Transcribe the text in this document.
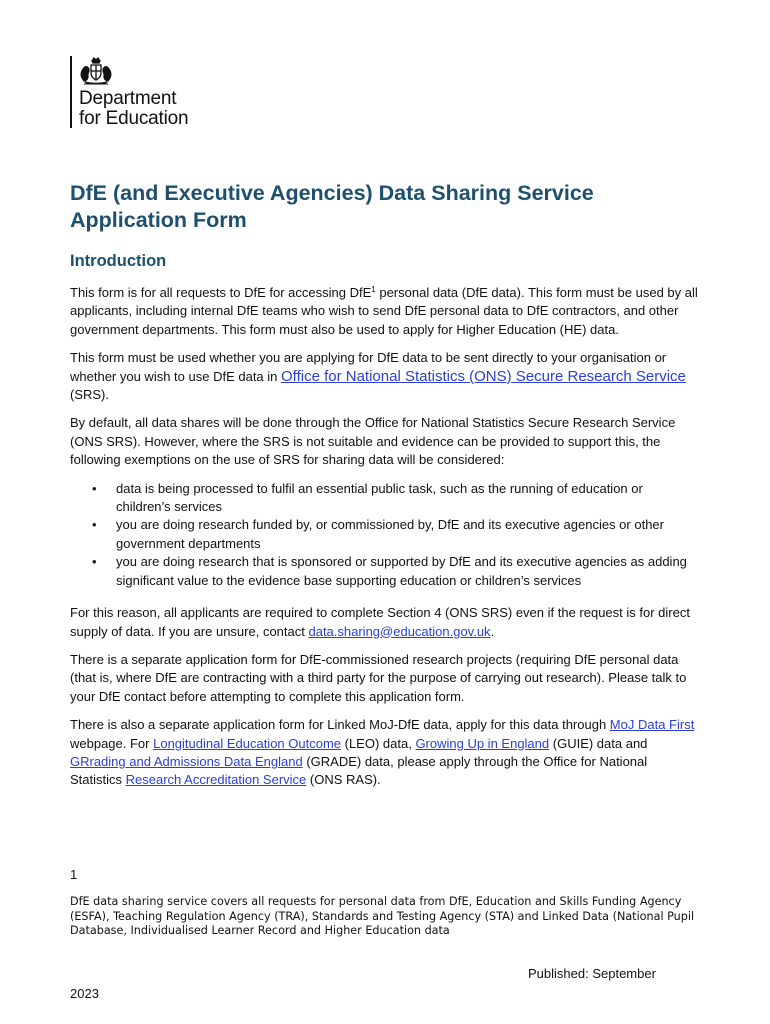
Department
for Education
DfE (and Executive Agencies) Data Sharing Service Application Form
Introduction

This form is for all requests to DfE for accessing DfE$^1$ personal data (DfE data). This form must be used by all applicants, including internal DfE teams who wish to send DfE personal data to DfE contractors, and other government departments. This form must also be used to apply for Higher Education (HE) data.

This form must be used whether you are applying for DfE data to be sent directly to your organisation or whether you wish to use DfE data in Office for National Statistics (ONS) Secure Research Service (SRS).

By default, all data shares will be done through the Office for National Statistics Secure Research Service (ONS SRS). However, where the SRS is not suitable and evidence can be provided to support this, the following exemptions on the use of SRS for sharing data will be considered:

• data is being processed to fulfil an essential public task, such as the running of education or children’s services
• you are doing research funded by, or commissioned by, DfE and its executive agencies or other government departments
• you are doing research that is sponsored or supported by DfE and its executive agencies as adding significant value to the evidence base supporting education or children’s services

For this reason, all applicants are required to complete Section 4 (ONS SRS) even if the request is for direct supply of data. If you are unsure, contact data.sharing@education.gov.uk.

There is a separate application form for DfE-commissioned research projects (requiring DfE personal data (that is, where DfE are contracting with a third party for the purpose of carrying out research). Please talk to your DfE contact before attempting to complete this application form.

There is also a separate application form for Linked MoJ-DfE data, apply for this data through MoJ Data First webpage. For Longitudinal Education Outcome (LEO) data, Growing Up in England (GUIE) data and GRrading and Admissions Data England (GRADE) data, please apply through the Office for National Statistics Research Accreditation Service (ONS RAS).

1
DfE data sharing service covers all requests for personal data from DfE, Education and Skills Funding Agency (ESFA), Teaching Regulation Agency (TRA), Standards and Testing Agency (STA) and Linked Data (National Pupil Database, Individualised Learner Record and Higher Education data
Published: September
2023
